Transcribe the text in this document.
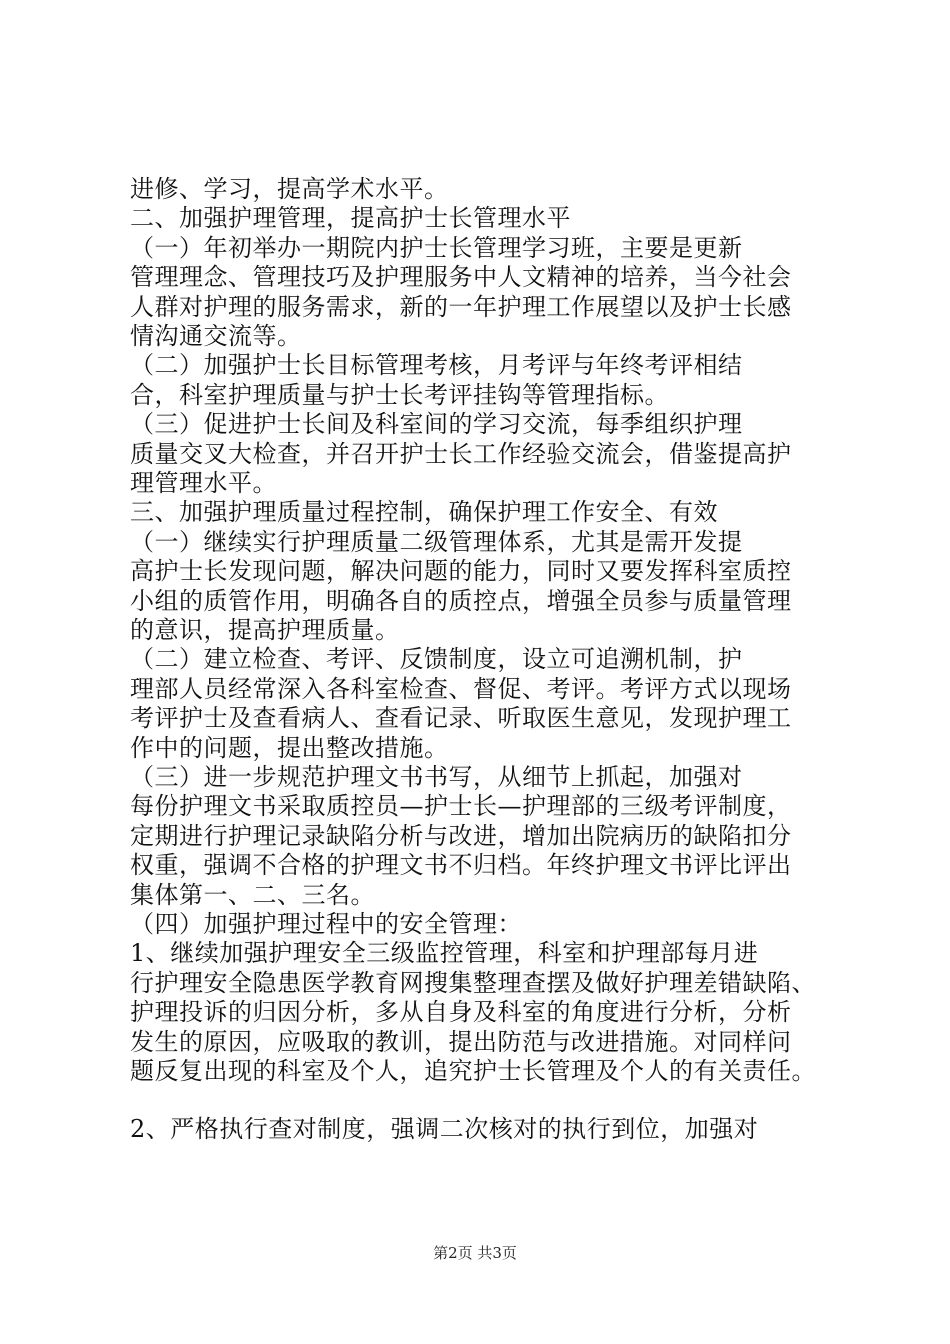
进修、学习，提高学术水平。
二、加强护理管理，提高护士长管理水平
（一）年初举办一期院内护士长管理学习班，主要是更新
管理理念、管理技巧及护理服务中人文精神的培养，当今社会
人群对护理的服务需求，新的一年护理工作展望以及护士长感
情沟通交流等。
（二）加强护士长目标管理考核，月考评与年终考评相结
合，科室护理质量与护士长考评挂钩等管理指标。
（三）促进护士长间及科室间的学习交流，每季组织护理
质量交叉大检查，并召开护士长工作经验交流会，借鉴提高护
理管理水平。
三、加强护理质量过程控制，确保护理工作安全、有效
（一）继续实行护理质量二级管理体系，尤其是需开发提
高护士长发现问题，解决问题的能力，同时又要发挥科室质控
小组的质管作用，明确各自的质控点，增强全员参与质量管理
的意识，提高护理质量。
（二）建立检查、考评、反馈制度，设立可追溯机制，护
理部人员经常深入各科室检查、督促、考评。考评方式以现场
考评护士及查看病人、查看记录、听取医生意见，发现护理工
作中的问题，提出整改措施。
（三）进一步规范护理文书书写，从细节上抓起，加强对
每份护理文书采取质控员—护士长—护理部的三级考评制度，
定期进行护理记录缺陷分析与改进，增加出院病历的缺陷扣分
权重，强调不合格的护理文书不归档。年终护理文书评比评出
集体第一、二、三名。
（四）加强护理过程中的安全管理：
1、继续加强护理安全三级监控管理，科室和护理部每月进
行护理安全隐患医学教育网搜集整理查摆及做好护理差错缺陷、
护理投诉的归因分析，多从自身及科室的角度进行分析，分析
发生的原因，应吸取的教训，提出防范与改进措施。对同样问
题反复出现的科室及个人，追究护士长管理及个人的有关责任。
第2页 共3页
2、严格执行查对制度，强调二次核对的执行到位，加强对
